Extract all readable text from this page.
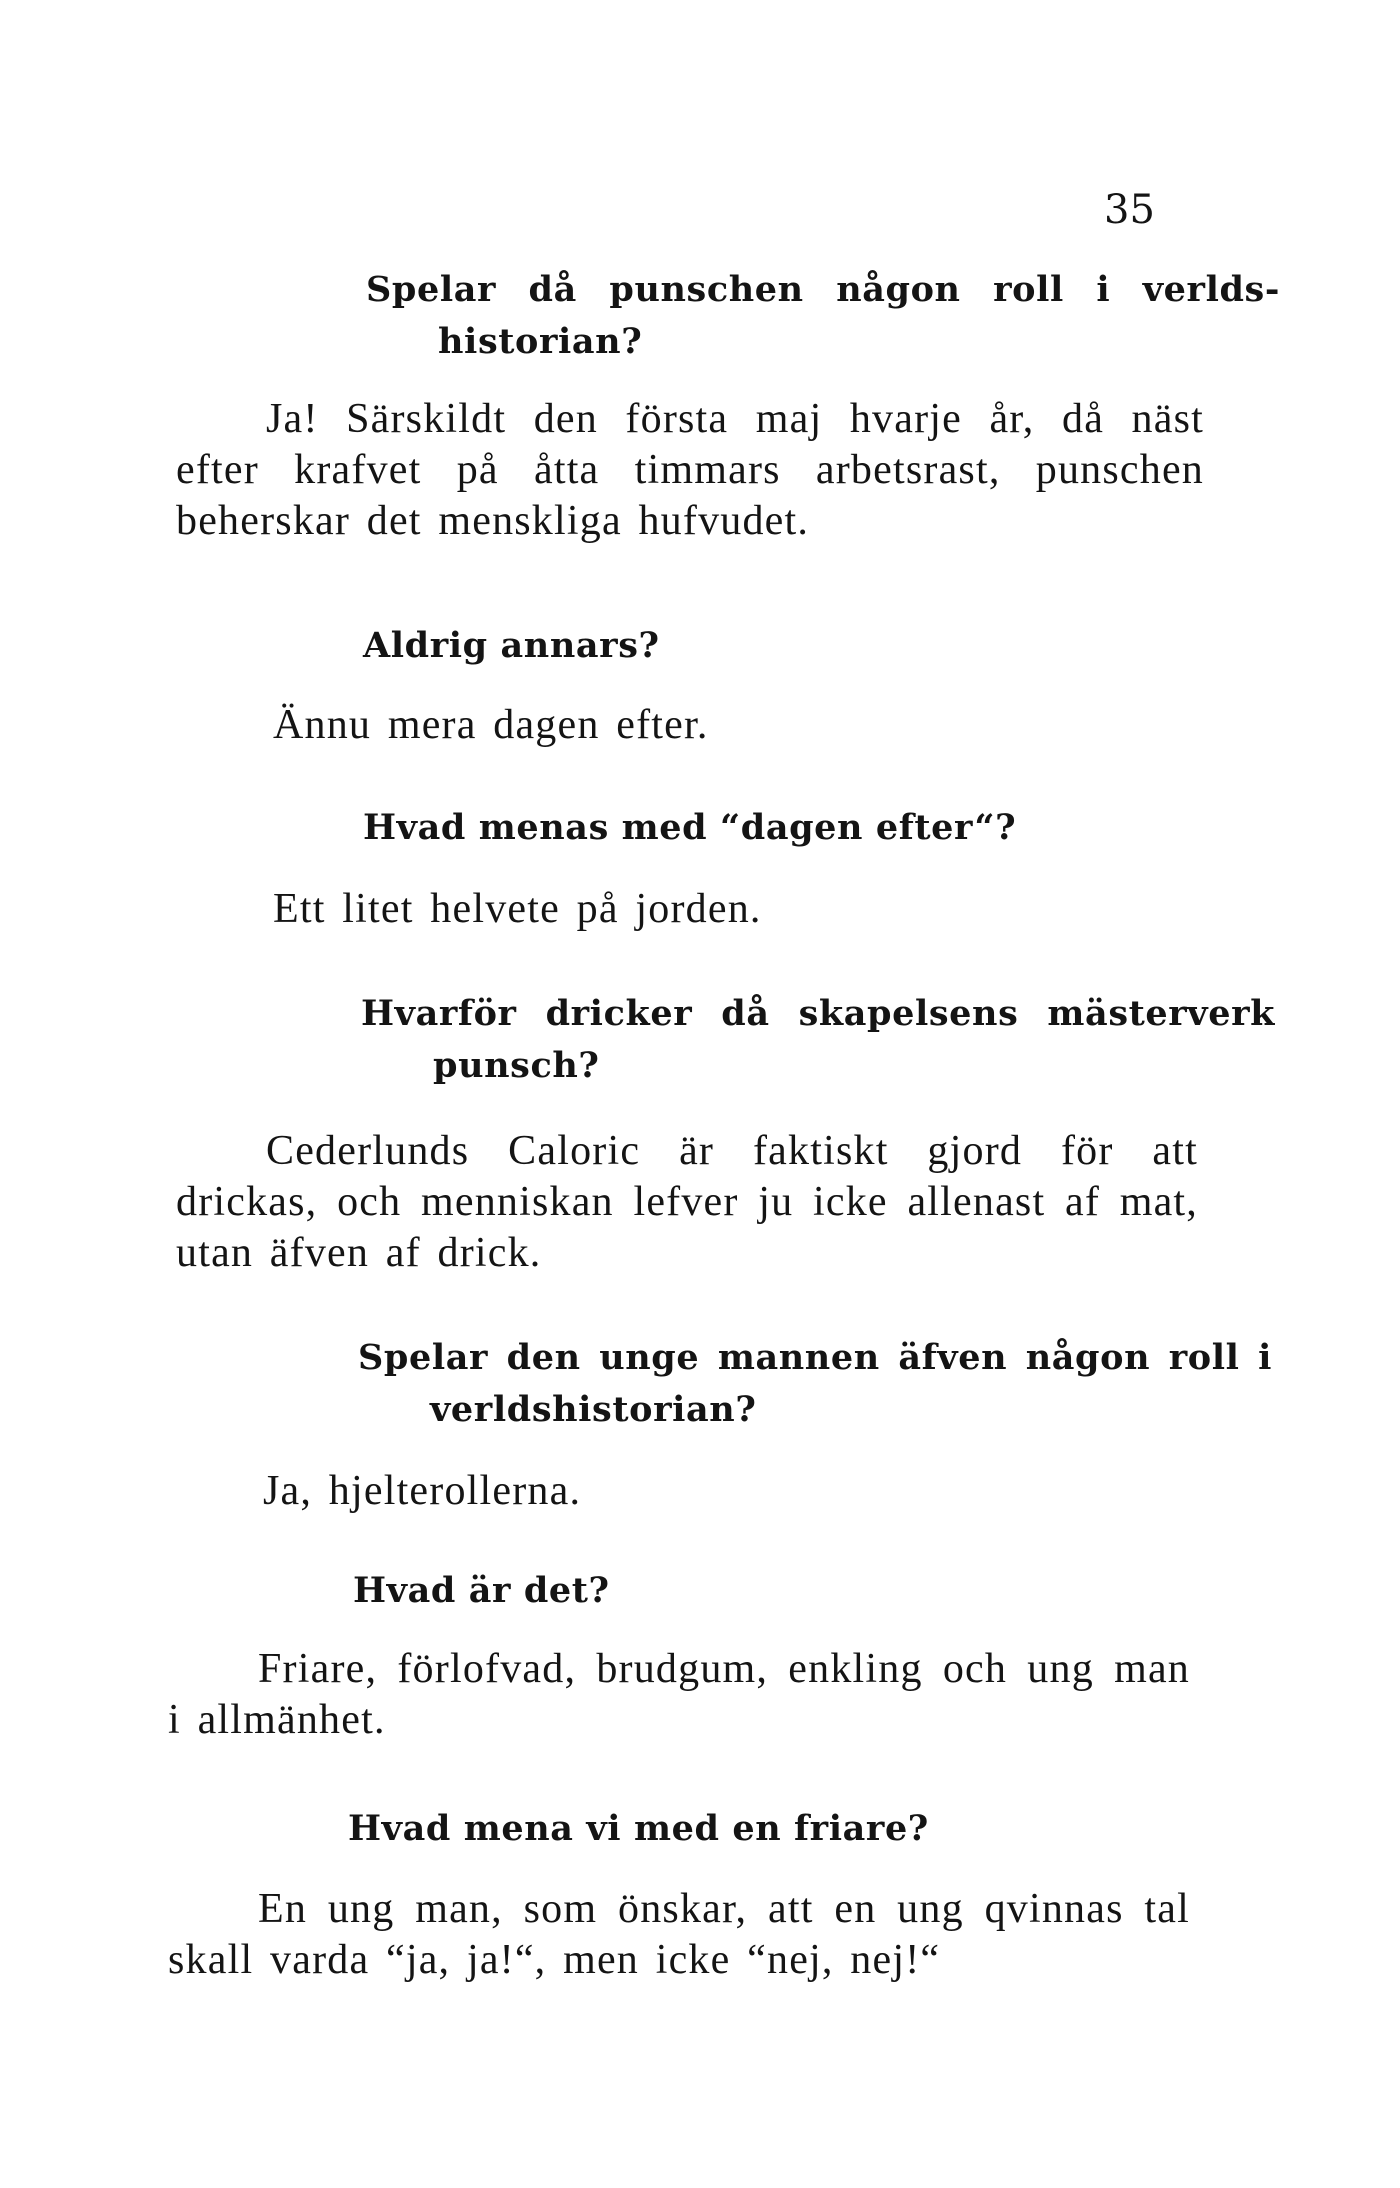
35

Spelar då punschen någon roll i verlds-historian?

Ja! Särskildt den första maj hvarje år, då näst efter krafvet på åtta timmars arbetsrast, punschen beherskar det menskliga hufvudet.

Aldrig annars?

Ännu mera dagen efter.

Hvad menas med “dagen efter“?

Ett litet helvete på jorden.

Hvarför dricker då skapelsens mästerverk punsch?

Cederlunds Caloric är faktiskt gjord för att drickas, och menniskan lefver ju icke allenast af mat, utan äfven af drick.

Spelar den unge mannen äfven någon roll i verldshistorian?

Ja, hjelterollerna.

Hvad är det?

Friare, förlofvad, brudgum, enkling och ung man i allmänhet.

Hvad mena vi med en friare?

En ung man, som önskar, att en ung qvinnas tal skall varda “ja, ja!“, men icke “nej, nej!“
